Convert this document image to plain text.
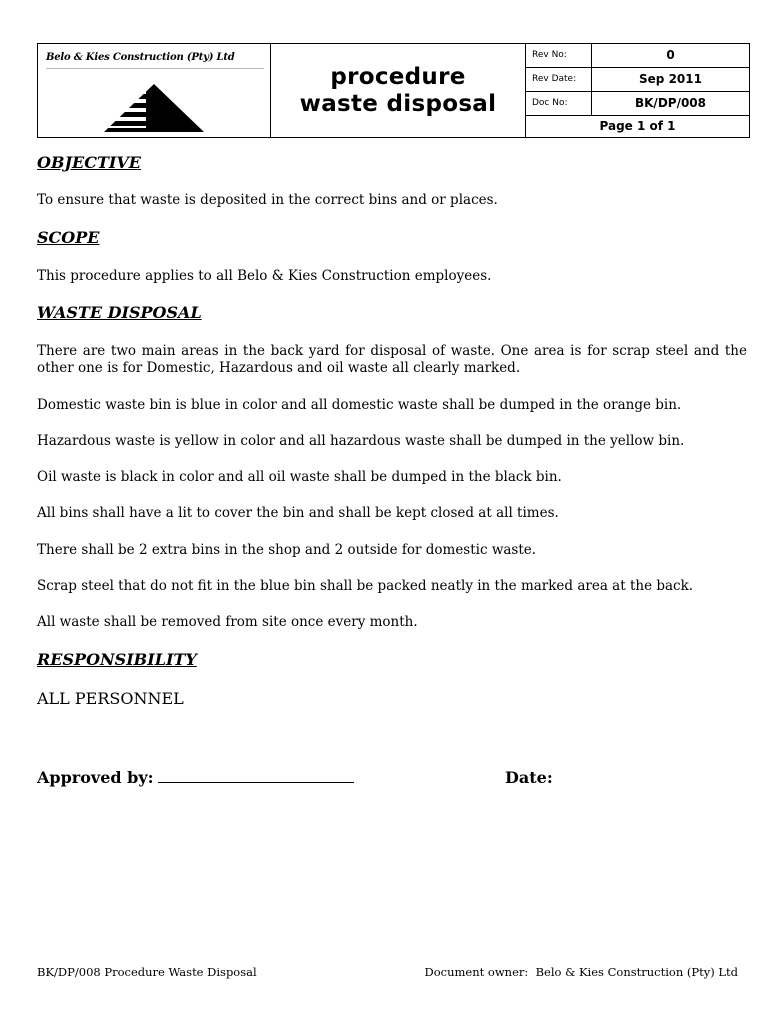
Belo & Kies Construction (Pty) Ltd
procedure
waste disposal
Rev No:	0
Rev Date:	Sep 2011
Doc No:	BK/DP/008
Page 1 of 1
OBJECTIVE
To ensure that waste is deposited in the correct bins and or places.
SCOPE
This procedure applies to all Belo & Kies Construction employees.
WASTE DISPOSAL
There are two main areas in the back yard for disposal of waste. One area is for scrap steel and the other one is for Domestic, Hazardous and oil waste all clearly marked.
Domestic waste bin is blue in color and all domestic waste shall be dumped in the orange bin.
Hazardous waste is yellow in color and all hazardous waste shall be dumped in the yellow bin.
Oil waste is black in color and all oil waste shall be dumped in the black bin.
All bins shall have a lit to cover the bin and shall be kept closed at all times.
There shall be 2 extra bins in the shop and 2 outside for domestic waste.
Scrap steel that do not fit in the blue bin shall be packed neatly in the marked area at the back.
All waste shall be removed from site once every month.
RESPONSIBILITY
ALL PERSONNEL
Approved by:	Date:
BK/DP/008 Procedure Waste Disposal	Document owner:  Belo & Kies Construction (Pty) Ltd
